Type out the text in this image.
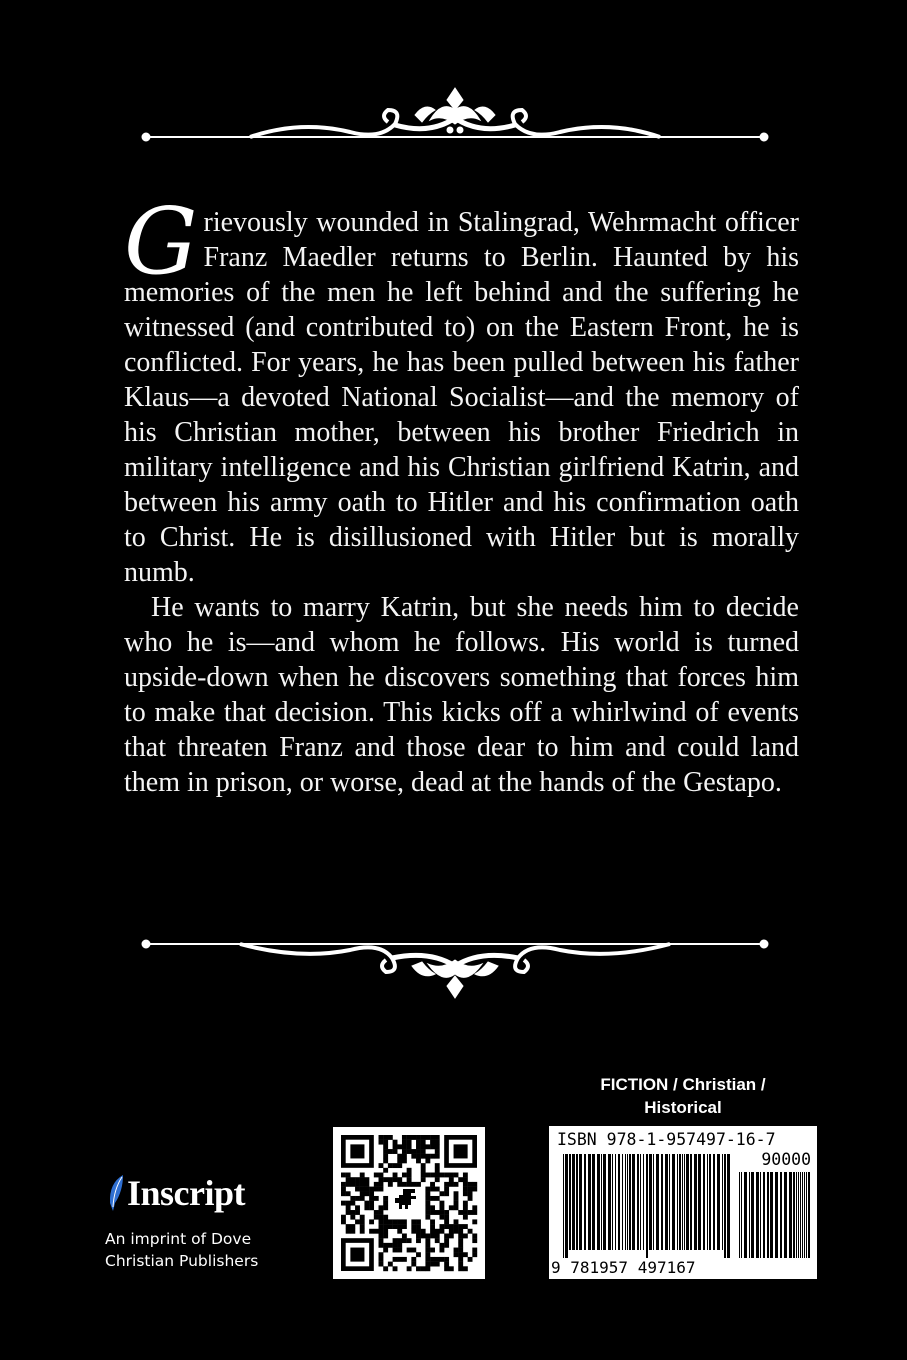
Grievously wounded in Stalingrad, Wehrmacht officer Franz Maedler returns to Berlin. Haunted by his memories of the men he left behind and the suffering he witnessed (and contributed to) on the Eastern Front, he is conflicted. For years, he has been pulled between his father Klaus—a devoted National Socialist—and the memory of his Christian mother, between his brother Friedrich in military intelligence and his Christian girlfriend Katrin, and between his army oath to Hitler and his confirmation oath to Christ. He is disillusioned with Hitler but is morally numb.

He wants to marry Katrin, but she needs him to decide who he is—and whom he follows. His world is turned upside-down when he discovers something that forces him to make that decision. This kicks off a whirlwind of events that threaten Franz and those dear to him and could land them in prison, or worse, dead at the hands of the Gestapo.

Inscript
An imprint of Dove
Christian Publishers
FICTION / Christian /
Historical
ISBN 978-1-957497-16-7
90000
9 781957 497167
